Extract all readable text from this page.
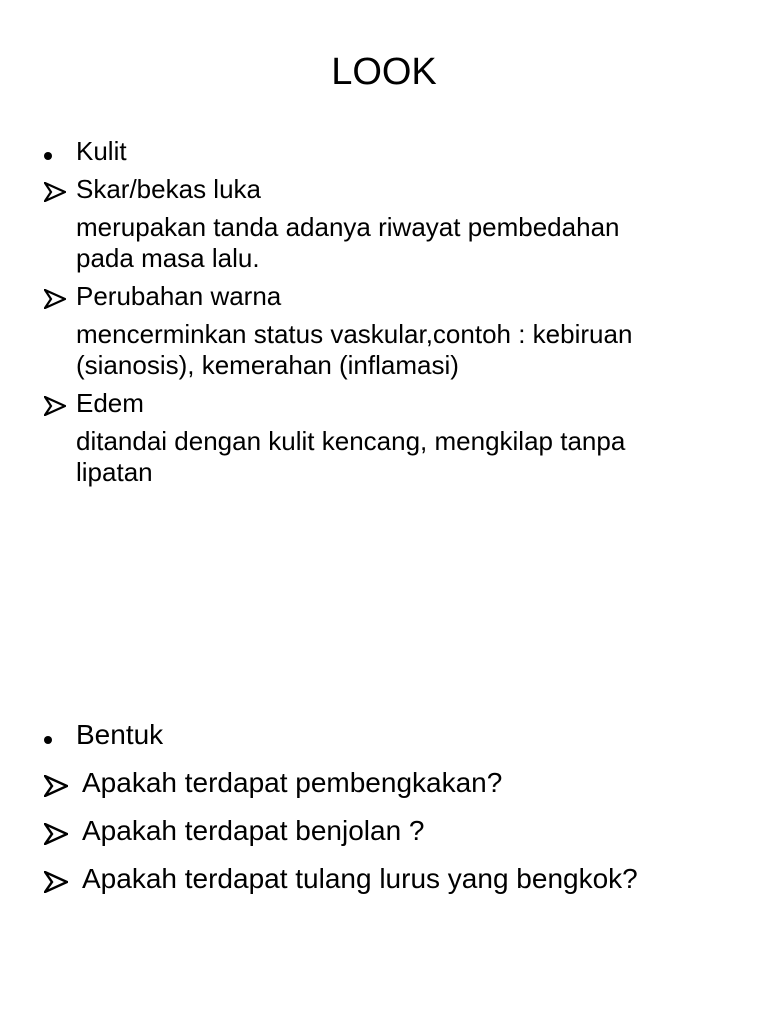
LOOK
Kulit
Skar/bekas luka
merupakan tanda adanya riwayat pembedahan
pada masa lalu.
Perubahan warna
mencerminkan status vaskular,contoh : kebiruan
(sianosis), kemerahan (inflamasi)
Edem
ditandai dengan kulit kencang, mengkilap tanpa
lipatan
Bentuk
Apakah terdapat pembengkakan?
Apakah terdapat benjolan ?
Apakah terdapat tulang lurus yang bengkok?
